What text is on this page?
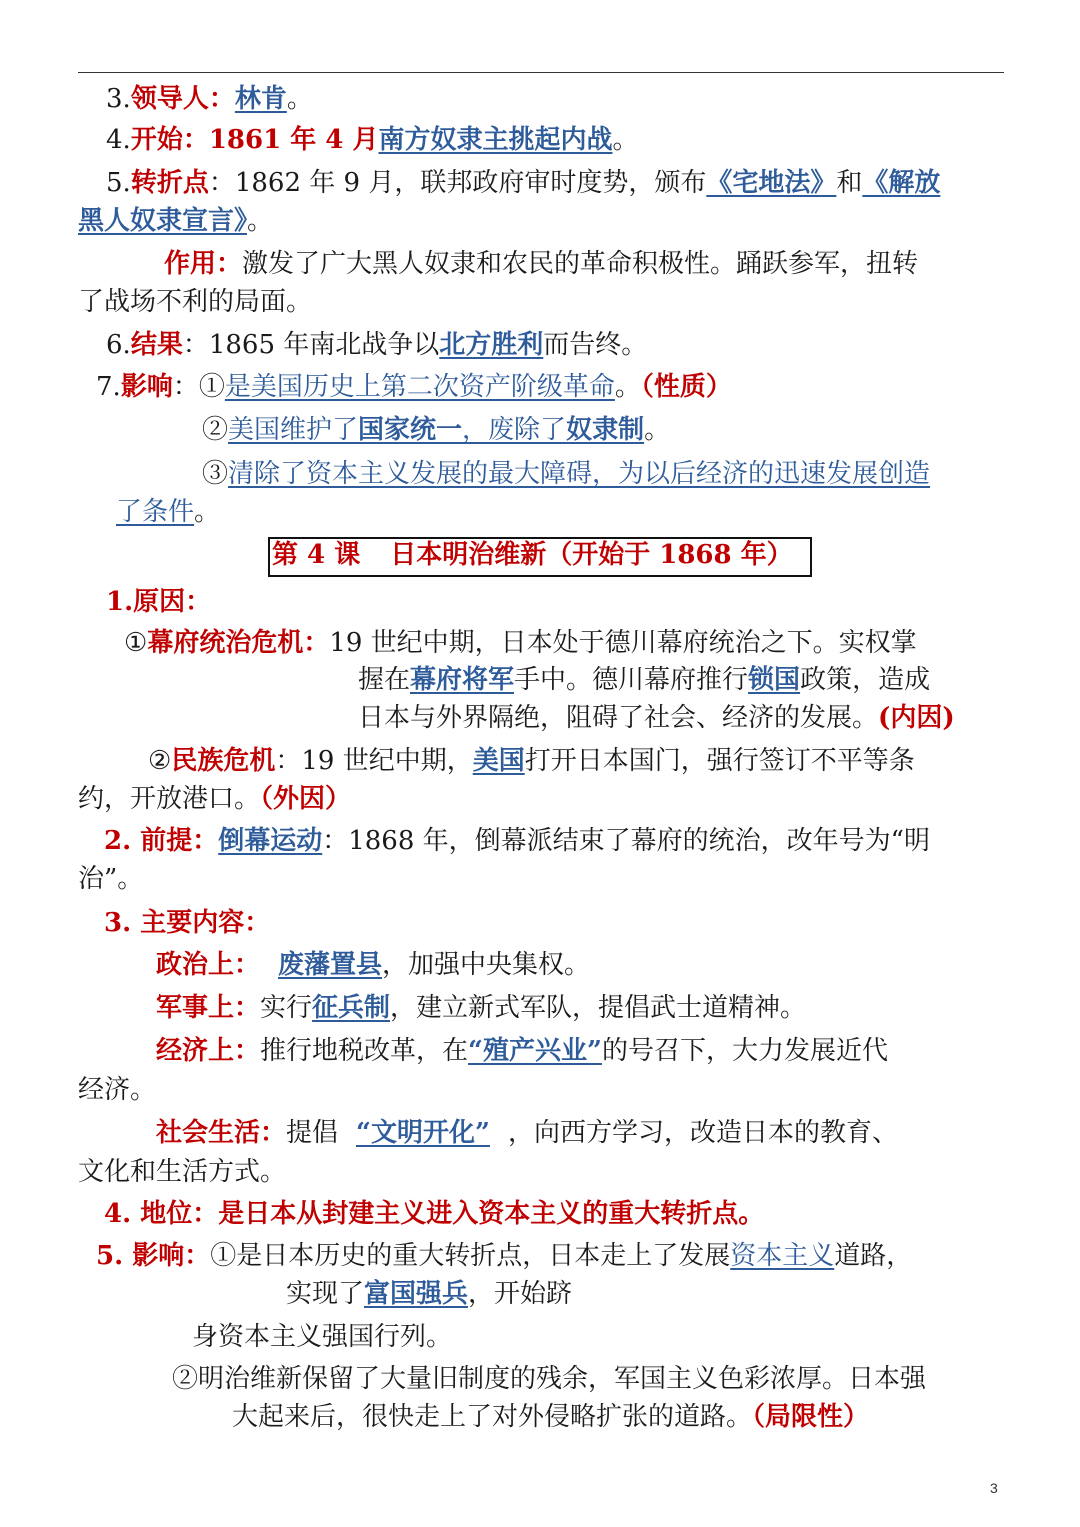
3.领导人：林肯。
4.开始：1861 年 4 月南方奴隶主挑起内战。
5.转折点：1862 年 9 月，联邦政府审时度势，颁布《宅地法》和《解放
黑人奴隶宣言》。
作用：激发了广大黑人奴隶和农民的革命积极性。踊跃参军，扭转
了战场不利的局面。
6.结果：1865 年南北战争以北方胜利而告终。
7.影响：①是美国历史上第二次资产阶级革命。（性质）
②美国维护了国家统一，废除了奴隶制。
③清除了资本主义发展的最大障碍，为以后经济的迅速发展创造
了条件。
第 4 课 日本明治维新（开始于 1868 年）
1.原因：
①幕府统治危机：19 世纪中期，日本处于德川幕府统治之下。实权掌
握在幕府将军手中。德川幕府推行锁国政策，造成
日本与外界隔绝，阻碍了社会、经济的发展。(内因)
②民族危机：19 世纪中期，美国打开日本国门，强行签订不平等条
约，开放港口。（外因）
2. 前提：倒幕运动：1868 年，倒幕派结束了幕府的统治，改年号为“明
治”。
3. 主要内容：
政治上： 废藩置县，加强中央集权。
军事上：实行征兵制，建立新式军队，提倡武士道精神。
经济上：推行地税改革，在“殖产兴业”的号召下，大力发展近代
经济。
社会生活：提倡 “文明开化” ，向西方学习，改造日本的教育、
文化和生活方式。
4. 地位：是日本从封建主义进入资本主义的重大转折点。
5. 影响：①是日本历史的重大转折点，日本走上了发展资本主义道路，
实现了富国强兵，开始跻
身资本主义强国行列。
②明治维新保留了大量旧制度的残余，军国主义色彩浓厚。日本强
大起来后，很快走上了对外侵略扩张的道路。（局限性）
3
